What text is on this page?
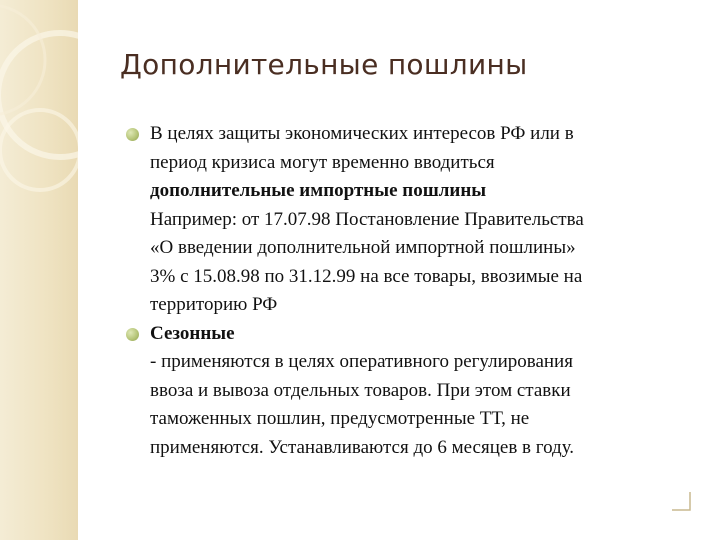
Дополнительные пошлины
В целях защиты экономических интересов РФ или в
период кризиса могут временно вводиться
дополнительные импортные пошлины
Например: от 17.07.98 Постановление Правительства
«О введении дополнительной импортной пошлины»
3% с 15.08.98 по 31.12.99 на все товары, ввозимые на
территорию РФ
Сезонные
- применяются в целях оперативного регулирования
ввоза и вывоза отдельных товаров. При этом ставки
таможенных пошлин, предусмотренные ТТ, не
применяются. Устанавливаются до 6 месяцев в году.
